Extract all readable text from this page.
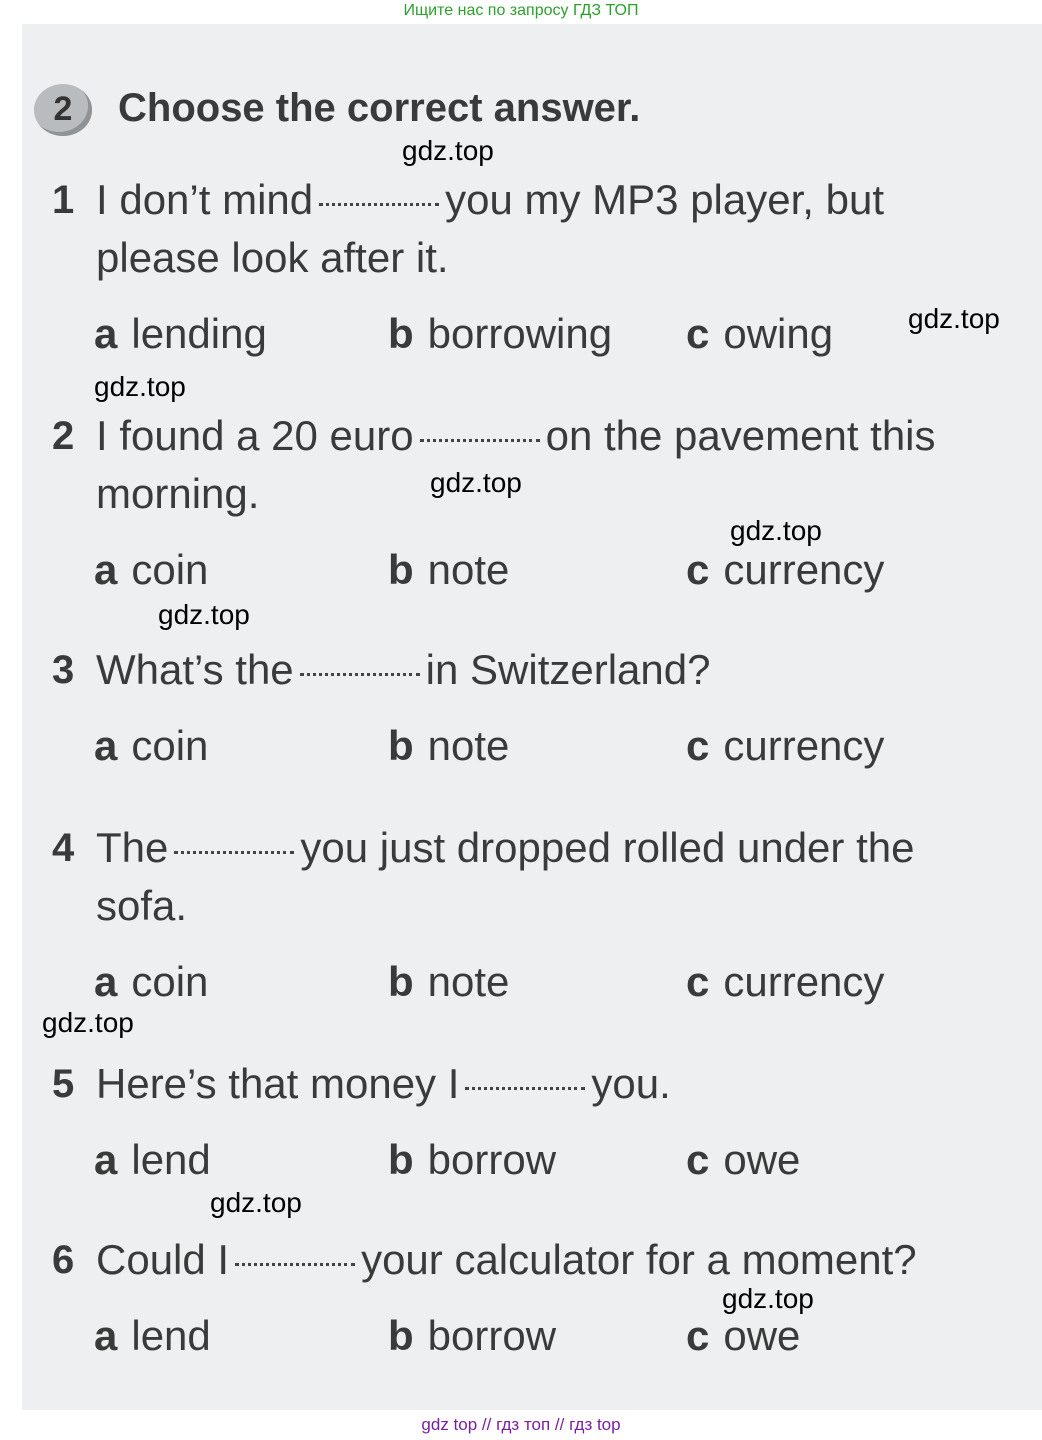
Ищите нас по запросу ГДЗ ТОП
2	Choose the correct answer.

1 I don’t mind	you my MP3 player, but

please look after it.

a lending	b borrowing c owing

2 I found a 20 euro	on the pavement this

morning.

a coin	b note	c currency

3 What’s the	in Switzerland?

a coin	b note	c currency

4 The	you just dropped rolled under the

sofa.

a coin	b note	c currency

5 Here’s that money I	you.

a lend	b borrow	c owe

6 Could I	your calculator for a moment?

a lend	b borrow	c owe

gdz.top
gdz.top
gdz.top
gdz.top
gdz.top
gdz.top
gdz.top
gdz.top
gdz.top
gdz top // гдз топ // гдз top
